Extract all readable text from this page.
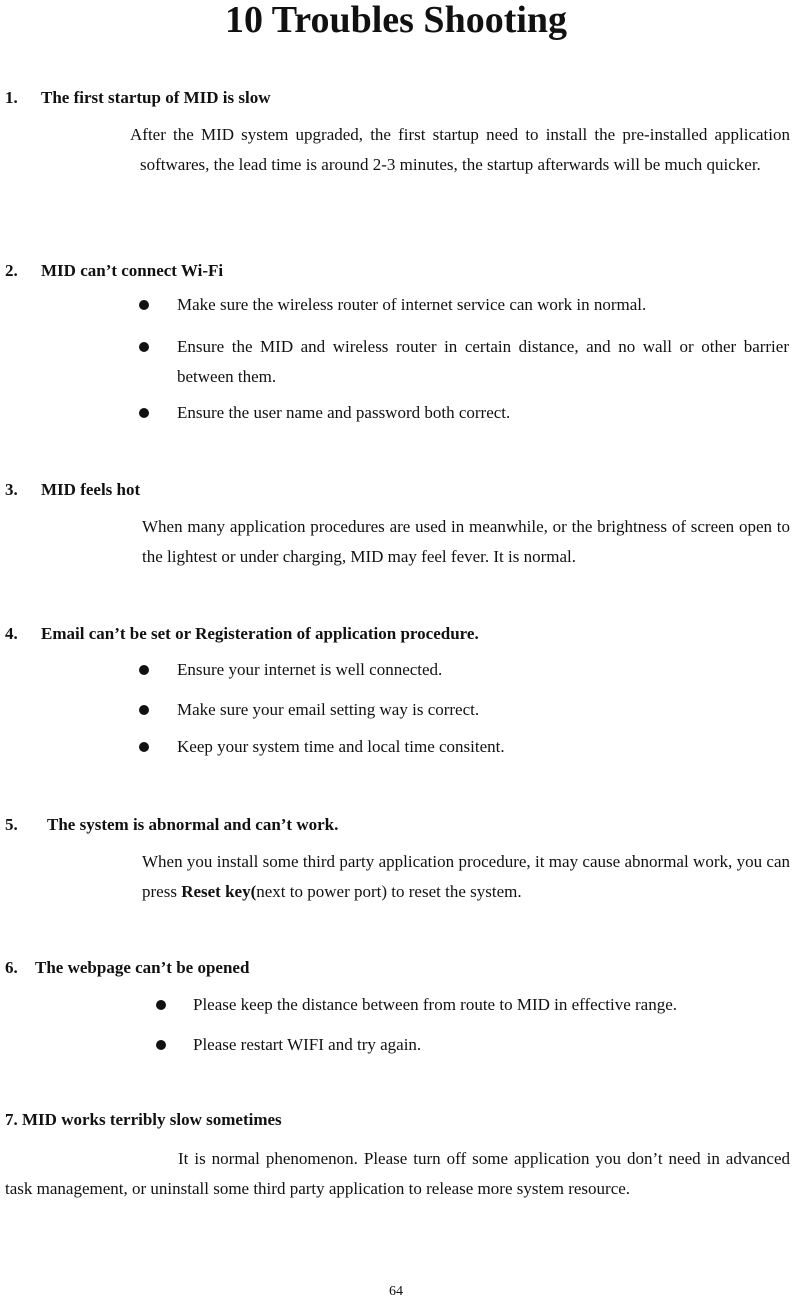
10 Troubles Shooting
1. The first startup of MID is slow
After the MID system upgraded, the first startup need to install the pre-installed application softwares, the lead time is around 2-3 minutes, the startup afterwards will be much quicker.
2. MID can’t connect Wi-Fi
Make sure the wireless router of internet service can work in normal.
Ensure the MID and wireless router in certain distance, and no wall or other barrier between them.
Ensure the user name and password both correct.
3. MID feels hot
When many application procedures are used in meanwhile, or the brightness of screen open to the lightest or under charging, MID may feel fever. It is normal.
4. Email can’t be set or Registeration of application procedure.
Ensure your internet is well connected.
Make sure your email setting way is correct.
Keep your system time and local time consitent.
5. The system is abnormal and can’t work.
When you install some third party application procedure, it may cause abnormal work, you can press Reset key(next to power port) to reset the system.
6. The webpage can’t be opened
Please keep the distance between from route to MID in effective range.
Please restart WIFI and try again.
7. MID works terribly slow sometimes
It is normal phenomenon. Please turn off some application you don’t need in advanced task management, or uninstall some third party application to release more system resource.
64
